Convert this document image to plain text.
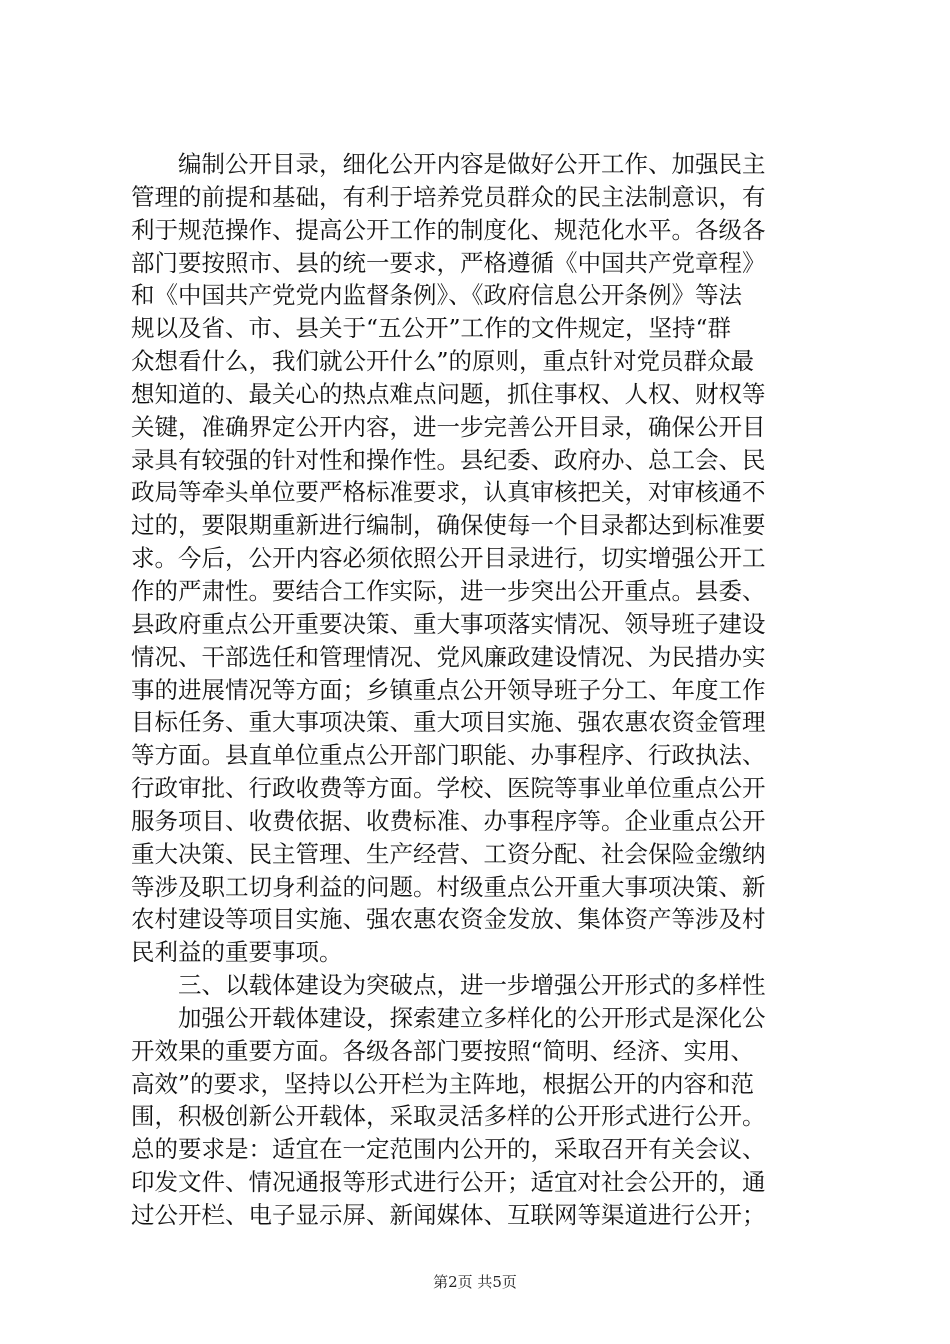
编制公开目录，细化公开内容是做好公开工作、加强民主
管理的前提和基础，有利于培养党员群众的民主法制意识，有
利于规范操作、提高公开工作的制度化、规范化水平。各级各
部门要按照市、县的统一要求，严格遵循《中国共产党章程》
和《中国共产党党内监督条例》、《政府信息公开条例》等法
规以及省、市、县关于“五公开”工作的文件规定，坚持“群
众想看什么，我们就公开什么”的原则，重点针对党员群众最
想知道的、最关心的热点难点问题，抓住事权、人权、财权等
关键，准确界定公开内容，进一步完善公开目录，确保公开目
录具有较强的针对性和操作性。县纪委、政府办、总工会、民
政局等牵头单位要严格标准要求，认真审核把关，对审核通不
过的，要限期重新进行编制，确保使每一个目录都达到标准要
求。今后，公开内容必须依照公开目录进行，切实增强公开工
作的严肃性。要结合工作实际，进一步突出公开重点。县委、
县政府重点公开重要决策、重大事项落实情况、领导班子建设
情况、干部选任和管理情况、党风廉政建设情况、为民措办实
事的进展情况等方面；乡镇重点公开领导班子分工、年度工作
目标任务、重大事项决策、重大项目实施、强农惠农资金管理
等方面。县直单位重点公开部门职能、办事程序、行政执法、
行政审批、行政收费等方面。学校、医院等事业单位重点公开
服务项目、收费依据、收费标准、办事程序等。企业重点公开
重大决策、民主管理、生产经营、工资分配、社会保险金缴纳
等涉及职工切身利益的问题。村级重点公开重大事项决策、新
农村建设等项目实施、强农惠农资金发放、集体资产等涉及村
民利益的重要事项。
三、以载体建设为突破点，进一步增强公开形式的多样性
加强公开载体建设，探索建立多样化的公开形式是深化公
开效果的重要方面。各级各部门要按照“简明、经济、实用、
高效”的要求，坚持以公开栏为主阵地，根据公开的内容和范
围，积极创新公开载体，采取灵活多样的公开形式进行公开。
总的要求是：适宜在一定范围内公开的，采取召开有关会议、
印发文件、情况通报等形式进行公开；适宜对社会公开的，通
过公开栏、电子显示屏、新闻媒体、互联网等渠道进行公开；
第2页 共5页
